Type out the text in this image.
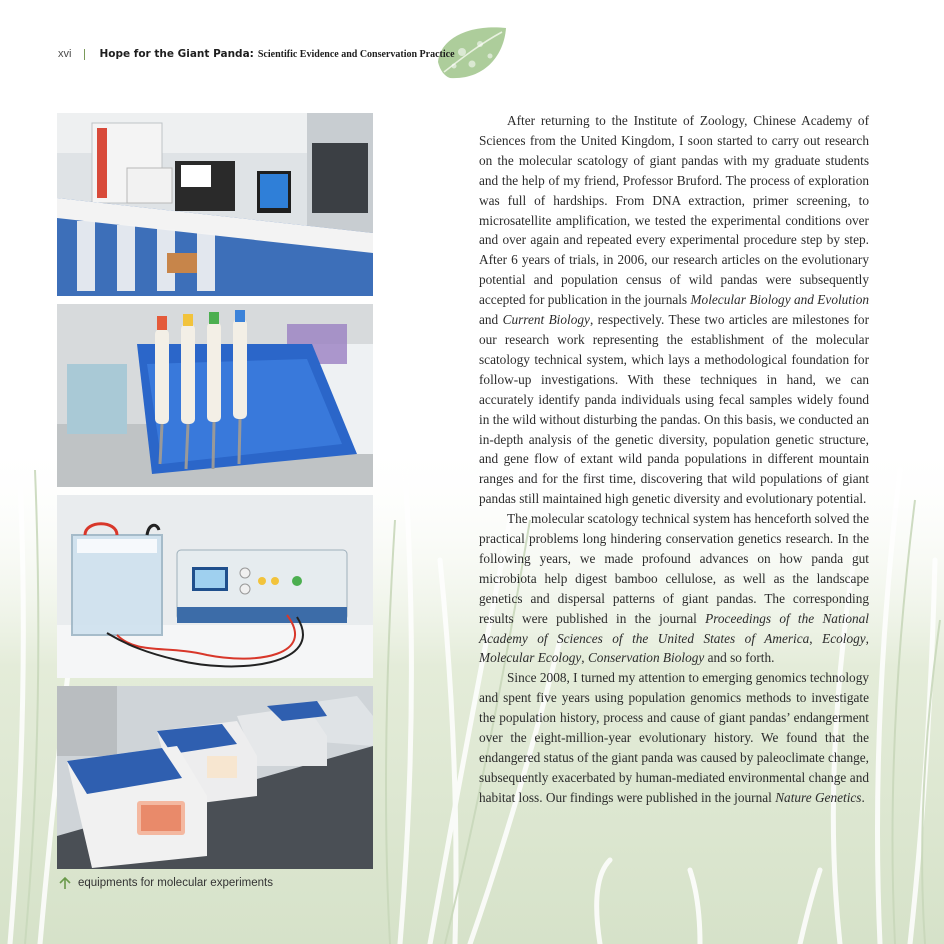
xvi	Hope for the Giant Panda: Scientific Evidence and Conservation Practice
equipments for molecular experiments

After returning to the Institute of Zoology, Chinese Academy of Sciences from the United Kingdom, I soon started to carry out research on the molecular scatology of giant pandas with my graduate students and the help of my friend, Professor Bruford. The process of exploration was full of hardships. From DNA extraction, primer screening, to microsatellite amplification, we tested the experimental conditions over and over again and repeated every experimental procedure step by step. After 6 years of trials, in 2006, our research articles on the evolutionary potential and population census of wild pandas were subsequently accepted for publication in the journals Molecular Biology and Evolution and Current Biology, respectively. These two articles are milestones for our research work representing the establishment of the molecular scatology technical system, which lays a methodological foundation for follow-up investigations. With these techniques in hand, we can accurately identify panda individuals using fecal samples widely found in the wild without disturbing the pandas. On this basis, we conducted an in-depth analysis of the genetic diversity, population genetic structure, and gene flow of extant wild panda populations in different mountain ranges and for the first time, discovering that wild populations of giant pandas still maintained high genetic diversity and evolutionary potential.

The molecular scatology technical system has henceforth solved the practical problems long hindering conservation genetics research. In the following years, we made profound advances on how panda gut microbiota help digest bamboo cellulose, as well as the landscape genetics and dispersal patterns of giant pandas. The corresponding results were published in the journal Proceedings of the National Academy of Sciences of the United States of America, Ecology, Molecular Ecology, Conservation Biology and so forth.

Since 2008, I turned my attention to emerging genomics technology and spent five years using population genomics methods to investigate the population history, process and cause of giant pandas’ endangerment over the eight-million-year evolutionary history. We found that the endangered status of the giant panda was caused by paleoclimate change, subsequently exacerbated by human-mediated environmental change and habitat loss. Our findings were published in the journal Nature Genetics.
